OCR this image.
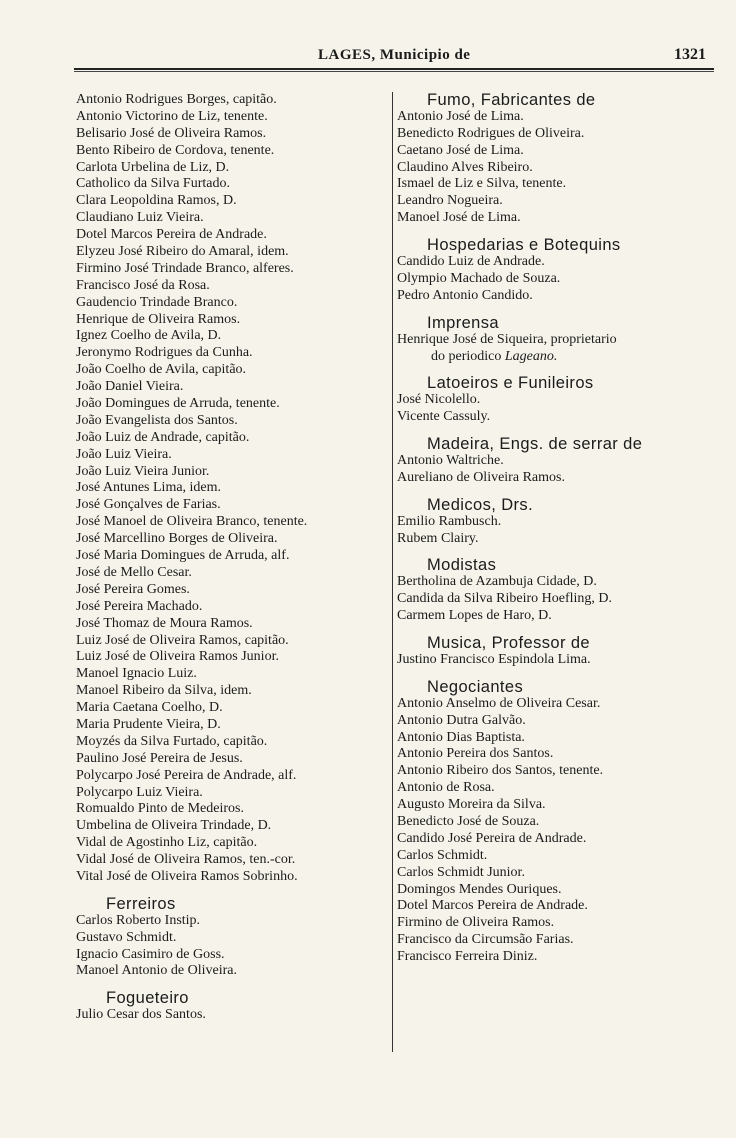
LAGES, Municipio de	1321
Antonio Rodrigues Borges, capitão.
Antonio Victorino de Liz, tenente.
Belisario José de Oliveira Ramos.
Bento Ribeiro de Cordova, tenente.
Carlota Urbelina de Liz, D.
Catholico da Silva Furtado.
Clara Leopoldina Ramos, D.
Claudiano Luiz Vieira.
Dotel Marcos Pereira de Andrade.
Elyzeu José Ribeiro do Amaral, idem.
Firmino José Trindade Branco, alferes.
Francisco José da Rosa.
Gaudencio Trindade Branco.
Henrique de Oliveira Ramos.
Ignez Coelho de Avila, D.
Jeronymo Rodrigues da Cunha.
João Coelho de Avila, capitão.
João Daniel Vieira.
João Domingues de Arruda, tenente.
João Evangelista dos Santos.
João Luiz de Andrade, capitão.
João Luiz Vieira.
João Luiz Vieira Junior.
José Antunes Lima, idem.
José Gonçalves de Farias.
José Manoel de Oliveira Branco, tenente.
José Marcellino Borges de Oliveira.
José Maria Domingues de Arruda, alf.
José de Mello Cesar.
José Pereira Gomes.
José Pereira Machado.
José Thomaz de Moura Ramos.
Luiz José de Oliveira Ramos, capitão.
Luiz José de Oliveira Ramos Junior.
Manoel Ignacio Luiz.
Manoel Ribeiro da Silva, idem.
Maria Caetana Coelho, D.
Maria Prudente Vieira, D.
Moyzés da Silva Furtado, capitão.
Paulino José Pereira de Jesus.
Polycarpo José Pereira de Andrade, alf.
Polycarpo Luiz Vieira.
Romualdo Pinto de Medeiros.
Umbelina de Oliveira Trindade, D.
Vidal de Agostinho Liz, capitão.
Vidal José de Oliveira Ramos, ten.-cor.
Vital José de Oliveira Ramos Sobrinho.
Ferreiros
Carlos Roberto Instip.
Gustavo Schmidt.
Ignacio Casimiro de Goss.
Manoel Antonio de Oliveira.
Fogueteiro
Julio Cesar dos Santos.
Fumo, Fabricantes de
Antonio José de Lima.
Benedicto Rodrigues de Oliveira.
Caetano José de Lima.
Claudino Alves Ribeiro.
Ismael de Liz e Silva, tenente.
Leandro Nogueira.
Manoel José de Lima.
Hospedarias e Botequins
Candido Luiz de Andrade.
Olympio Machado de Souza.
Pedro Antonio Candido.
Imprensa
Henrique José de Siqueira, proprietario
do periodico Lageano.
Latoeiros e Funileiros
José Nicolello.
Vicente Cassuly.
Madeira, Engs. de serrar de
Antonio Waltriche.
Aureliano de Oliveira Ramos.
Medicos, Drs.
Emilio Rambusch.
Rubem Clairy.
Modistas
Bertholina de Azambuja Cidade, D.
Candida da Silva Ribeiro Hoefling, D.
Carmem Lopes de Haro, D.
Musica, Professor de
Justino Francisco Espindola Lima.
Negociantes
Antonio Anselmo de Oliveira Cesar.
Antonio Dutra Galvão.
Antonio Dias Baptista.
Antonio Pereira dos Santos.
Antonio Ribeiro dos Santos, tenente.
Antonio de Rosa.
Augusto Moreira da Silva.
Benedicto José de Souza.
Candido José Pereira de Andrade.
Carlos Schmidt.
Carlos Schmidt Junior.
Domingos Mendes Ouriques.
Dotel Marcos Pereira de Andrade.
Firmino de Oliveira Ramos.
Francisco da Circumsão Farias.
Francisco Ferreira Diniz.
